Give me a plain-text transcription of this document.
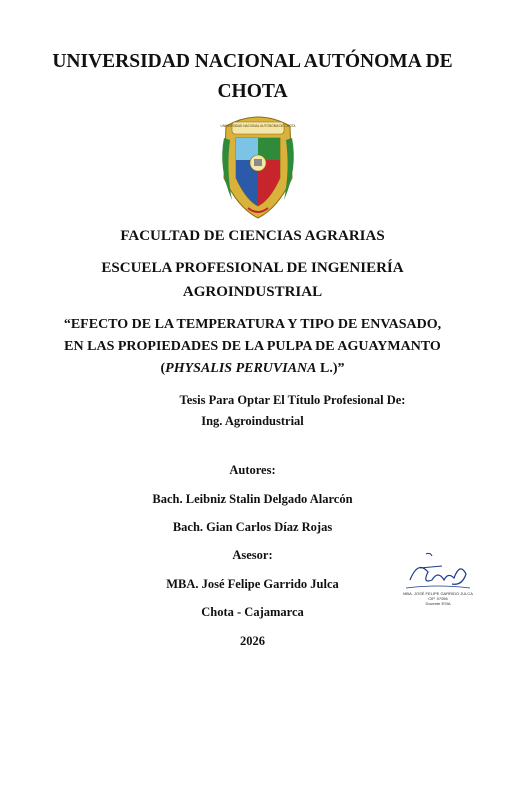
UNIVERSIDAD NACIONAL AUTÓNOMA DE
CHOTA
UNIVERSIDAD NACIONAL AUTÓNOMA DE CHOTA
FACULTAD DE CIENCIAS AGRARIAS
ESCUELA PROFESIONAL DE INGENIERÍA
AGROINDUSTRIAL
“EFECTO DE LA TEMPERATURA Y TIPO DE ENVASADO,
EN LAS PROPIEDADES DE LA PULPA DE AGUAYMANTO
(PHYSALIS PERUVIANA L.)”
Tesis Para Optar El Título Profesional De:
Ing. Agroindustrial
Autores:
Bach. Leibniz Stalin Delgado Alarcón
Bach. Gian Carlos Díaz Rojas
Asesor:
MBA. José Felipe Garrido Julca
MBA. JOSÉ FELIPE GARRIDO JULCA
CIP. 97056
Docente ESIA
Chota - Cajamarca
2026
